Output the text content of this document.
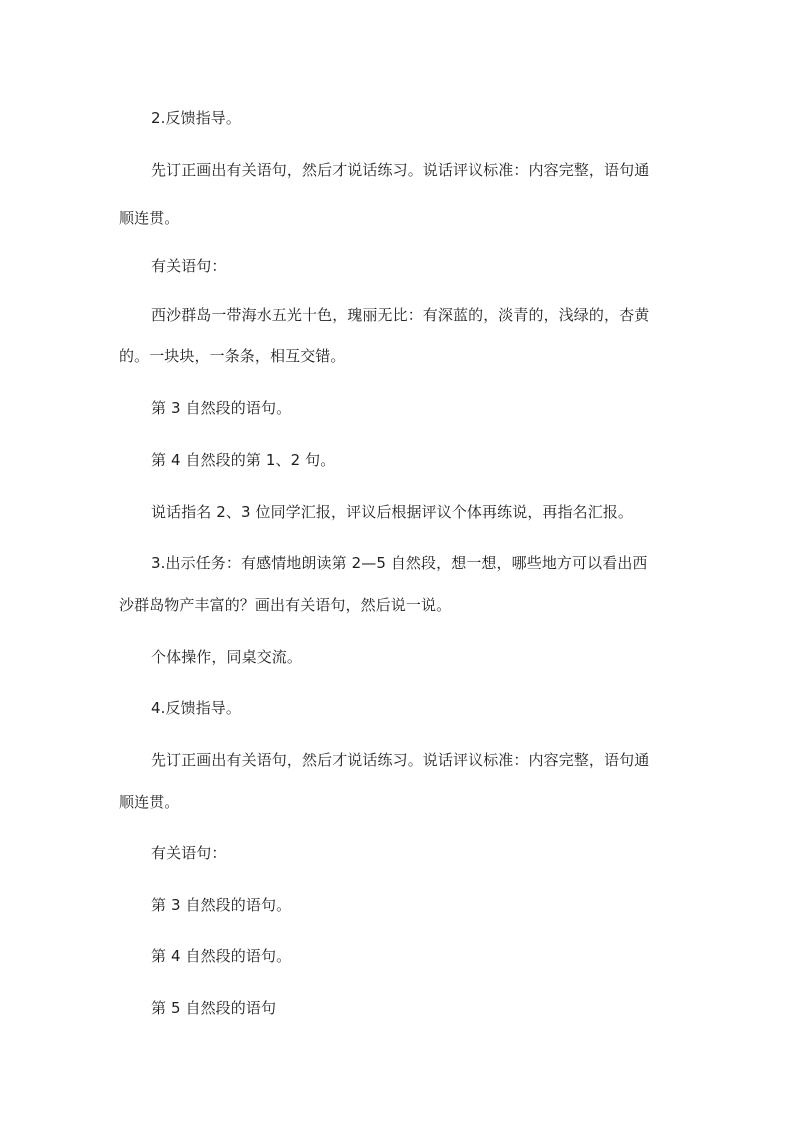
2.反馈指导。
先订正画出有关语句，然后才说话练习。说话评议标准：内容完整，语句通
顺连贯。
有关语句：
西沙群岛一带海水五光十色，瑰丽无比：有深蓝的，淡青的，浅绿的，杏黄
的。一块块，一条条，相互交错。
第 3 自然段的语句。
第 4 自然段的第 1、2 句。
说话指名 2、3 位同学汇报，评议后根据评议个体再练说，再指名汇报。
3.出示任务：有感情地朗读第 2—5 自然段，想一想，哪些地方可以看出西
沙群岛物产丰富的？画出有关语句，然后说一说。
个体操作，同桌交流。
4.反馈指导。
先订正画出有关语句，然后才说话练习。说话评议标准：内容完整，语句通
顺连贯。
有关语句：
第 3 自然段的语句。
第 4 自然段的语句。
第 5 自然段的语句
